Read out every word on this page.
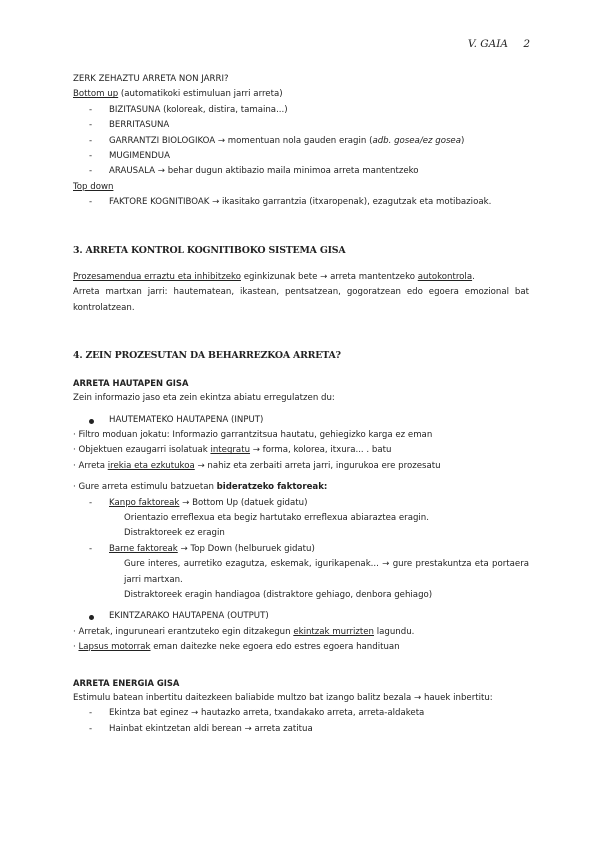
V. GAIA 2

ZERK ZEHAZTU ARRETA NON JARRI?

Bottom up (automatikoki estimuluan jarri arreta)

- BIZITASUNA (koloreak, distira, tamaina...)

- BERRITASUNA

- GARRANTZI BIOLOGIKOA → momentuan nola gauden eragin (adb. gosea/ez gosea)

- MUGIMENDUA

- ARAUSALA → behar dugun aktibazio maila minimoa arreta mantentzeko

Top down

- FAKTORE KOGNITIBOAK → ikasitako garrantzia (itxaropenak), ezagutzak eta motibazioak.

3. ARRETA KONTROL KOGNITIBOKO SISTEMA GISA

Prozesamendua erraztu eta inhibitzeko eginkizunak bete → arreta mantentzeko autokontrola.

Arreta martxan jarri: hautematean, ikastean, pentsatzean, gogoratzean edo egoera emozional bat kontrolatzean.

4. ZEIN PROZESUTAN DA BEHARREZKOA ARRETA?

ARRETA HAUTAPEN GISA

Zein informazio jaso eta zein ekintza abiatu erregulatzen du:

HAUTEMATEKO HAUTAPENA (INPUT)

· Filtro moduan jokatu: Informazio garrantzitsua hautatu, gehiegizko karga ez eman

· Objektuen ezaugarri isolatuak integratu → forma, kolorea, itxura... . batu

· Arreta irekia eta ezkutukoa → nahiz eta zerbaiti arreta jarri, ingurukoa ere prozesatu

· Gure arreta estimulu batzuetan bideratzeko faktoreak:

- Kanpo faktoreak → Bottom Up (datuek gidatu)

Orientazio erreflexua eta begiz hartutako erreflexua abiaraztea eragin.

Distraktoreek ez eragin

- Barne faktoreak → Top Down (helburuek gidatu)

Gure interes, aurretiko ezagutza, eskemak, igurikapenak... → gure prestakuntza eta portaera jarri martxan.

Distraktoreek eragin handiagoa (distraktore gehiago, denbora gehiago)

EKINTZARAKO HAUTAPENA (OUTPUT)

· Arretak, inguruneari erantzuteko egin ditzakegun ekintzak murrizten lagundu.

· Lapsus motorrak eman daitezke neke egoera edo estres egoera handituan

ARRETA ENERGIA GISA

Estimulu batean inbertitu daitezkeen baliabide multzo bat izango balitz bezala → hauek inbertitu:

- Ekintza bat eginez → hautazko arreta, txandakako arreta, arreta-aldaketa

- Hainbat ekintzetan aldi berean → arreta zatitua
